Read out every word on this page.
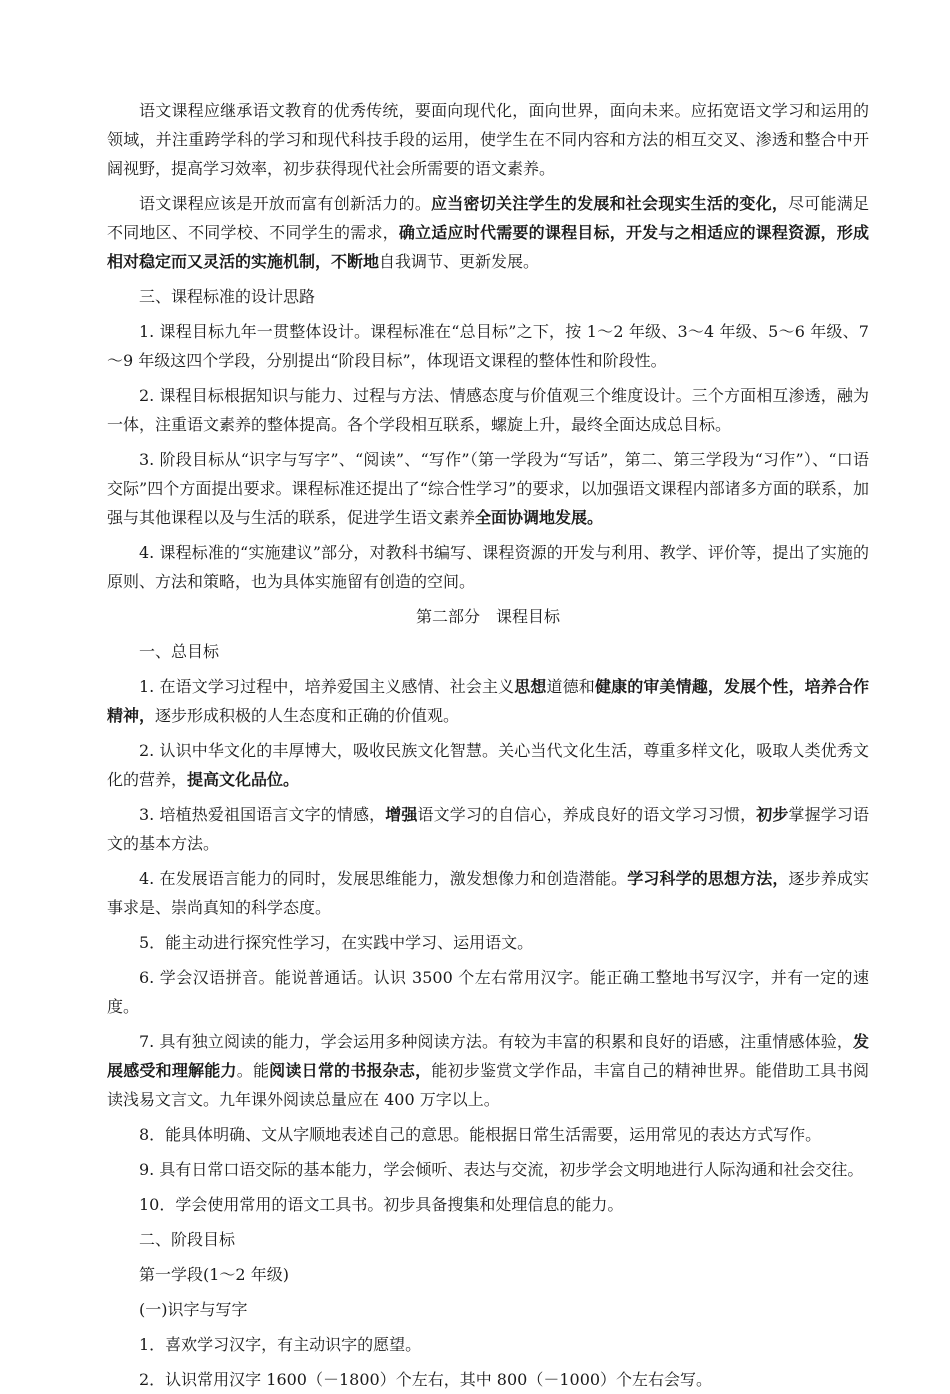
语文课程应继承语文教育的优秀传统，要面向现代化，面向世界，面向未来。应拓宽语文学习和运用的领域，并注重跨学科的学习和现代科技手段的运用，使学生在不同内容和方法的相互交叉、渗透和整合中开阔视野，提高学习效率，初步获得现代社会所需要的语文素养。

语文课程应该是开放而富有创新活力的。应当密切关注学生的发展和社会现实生活的变化，尽可能满足不同地区、不同学校、不同学生的需求，确立适应时代需要的课程目标，开发与之相适应的课程资源，形成相对稳定而又灵活的实施机制，不断地自我调节、更新发展。

三、课程标准的设计思路

1. 课程目标九年一贯整体设计。课程标准在“总目标”之下，按 1～2 年级、3～4 年级、5～6 年级、7～9 年级这四个学段，分别提出“阶段目标”，体现语文课程的整体性和阶段性。

2. 课程目标根据知识与能力、过程与方法、情感态度与价值观三个维度设计。三个方面相互渗透，融为一体，注重语文素养的整体提高。各个学段相互联系，螺旋上升，最终全面达成总目标。

3. 阶段目标从“识字与写字”、“阅读”、“写作”（第一学段为“写话”，第二、第三学段为“习作”）、“口语交际”四个方面提出要求。课程标准还提出了“综合性学习”的要求，以加强语文课程内部诸多方面的联系，加强与其他课程以及与生活的联系，促进学生语文素养全面协调地发展。

4. 课程标准的“实施建议”部分，对教科书编写、课程资源的开发与利用、教学、评价等，提出了实施的原则、方法和策略，也为具体实施留有创造的空间。

第二部分　课程目标

一、总目标

1. 在语文学习过程中，培养爱国主义感情、社会主义思想道德和健康的审美情趣，发展个性，培养合作精神，逐步形成积极的人生态度和正确的价值观。

2. 认识中华文化的丰厚博大，吸收民族文化智慧。关心当代文化生活，尊重多样文化，吸取人类优秀文化的营养，提高文化品位。

3. 培植热爱祖国语言文字的情感，增强语文学习的自信心，养成良好的语文学习习惯，初步掌握学习语文的基本方法。

4. 在发展语言能力的同时，发展思维能力，激发想像力和创造潜能。学习科学的思想方法，逐步养成实事求是、崇尚真知的科学态度。

5．能主动进行探究性学习，在实践中学习、运用语文。

6. 学会汉语拼音。能说普通话。认识 3500 个左右常用汉字。能正确工整地书写汉字，并有一定的速度。

7. 具有独立阅读的能力，学会运用多种阅读方法。有较为丰富的积累和良好的语感，注重情感体验，发展感受和理解能力。能阅读日常的书报杂志，能初步鉴赏文学作品，丰富自己的精神世界。能借助工具书阅读浅易文言文。九年课外阅读总量应在 400 万字以上。

8．能具体明确、文从字顺地表述自己的意思。能根据日常生活需要，运用常见的表达方式写作。

9. 具有日常口语交际的基本能力，学会倾听、表达与交流，初步学会文明地进行人际沟通和社会交往。

10．学会使用常用的语文工具书。初步具备搜集和处理信息的能力。

二、阶段目标

第一学段(1～2 年级)

(一)识字与写字

1．喜欢学习汉字，有主动识字的愿望。

2．认识常用汉字 1600（－1800）个左右，其中 800（－1000）个左右会写。
